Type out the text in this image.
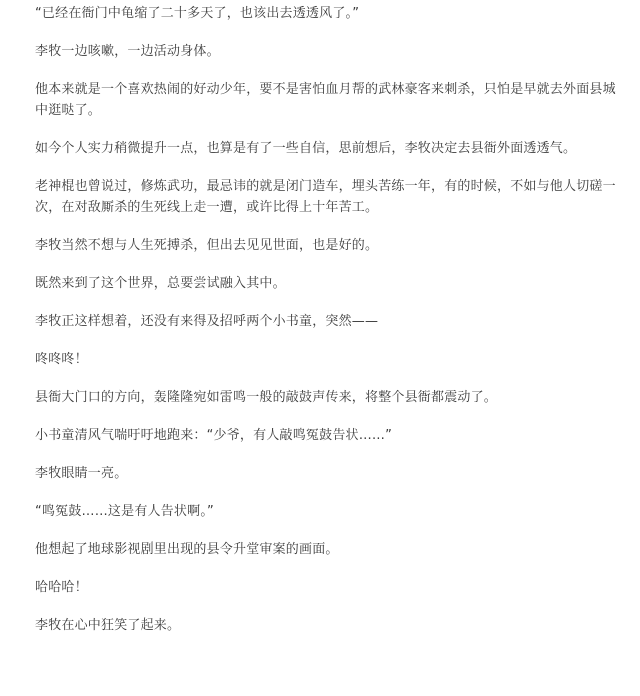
“已经在衙门中龟缩了二十多天了，也该出去透透风了。”

李牧一边咳嗽，一边活动身体。

他本来就是一个喜欢热闹的好动少年，要不是害怕血月帮的武林豪客来刺杀，只怕是早就去外面县城中逛哒了。

如今个人实力稍微提升一点，也算是有了一些自信，思前想后，李牧决定去县衙外面透透气。

老神棍也曾说过，修炼武功，最忌讳的就是闭门造车，埋头苦练一年，有的时候，不如与他人切磋一次，在对敌厮杀的生死线上走一遭，或许比得上十年苦工。

李牧当然不想与人生死搏杀，但出去见见世面，也是好的。

既然来到了这个世界，总要尝试融入其中。

李牧正这样想着，还没有来得及招呼两个小书童，突然——

咚咚咚！

县衙大门口的方向，轰隆隆宛如雷鸣一般的敲鼓声传来，将整个县衙都震动了。

小书童清风气喘吁吁地跑来：“少爷，有人敲鸣冤鼓告状……”

李牧眼睛一亮。

“鸣冤鼓……这是有人告状啊。”

他想起了地球影视剧里出现的县令升堂审案的画面。

哈哈哈！

李牧在心中狂笑了起来。
